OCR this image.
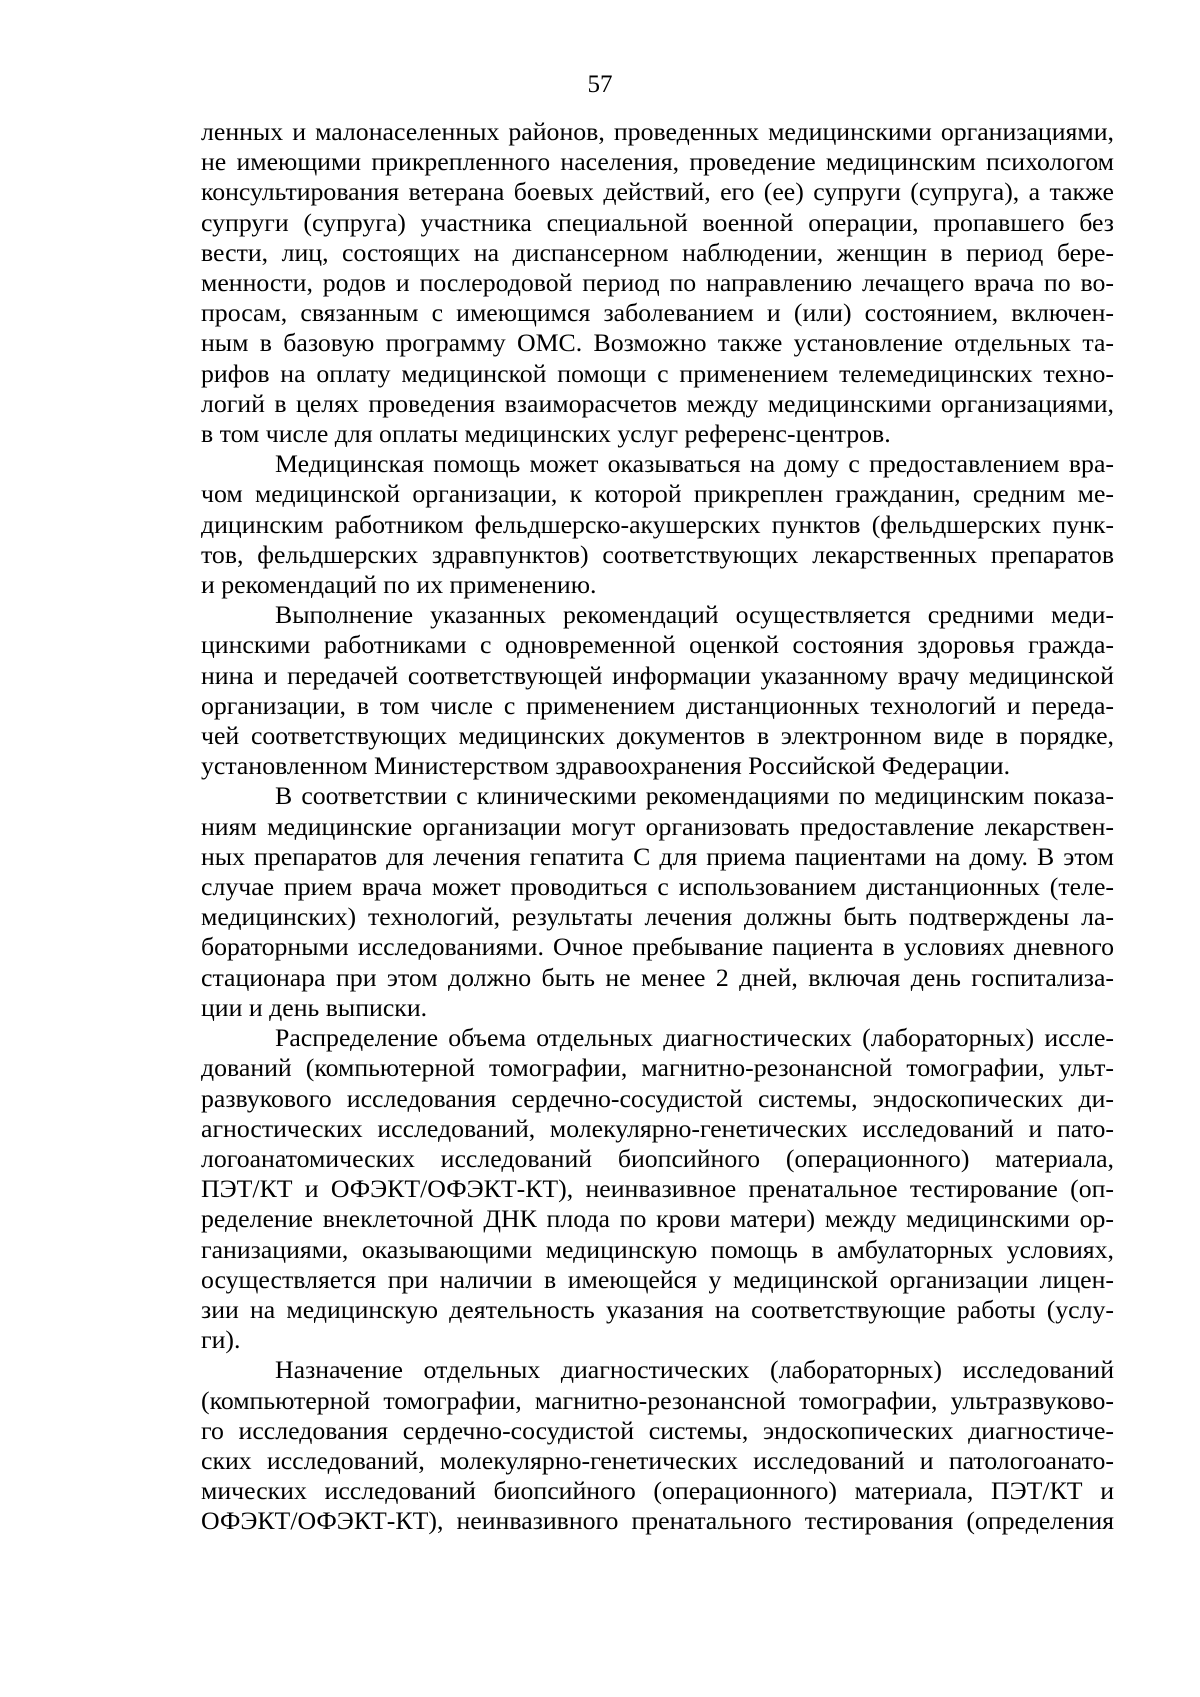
57
ленных и малонаселенных районов, проведенных медицинскими организациями,
не имеющими прикрепленного населения, проведение медицинским психологом
консультирования ветерана боевых действий, его (ее) супруги (супруга), а также
супруги (супруга) участника специальной военной операции, пропавшего без
вести, лиц, состоящих на диспансерном наблюдении, женщин в период бере-
менности, родов и послеродовой период по направлению лечащего врача по во-
просам, связанным с имеющимся заболеванием и (или) состоянием, включен-
ным в базовую программу ОМС. Возможно также установление отдельных та-
рифов на оплату медицинской помощи с применением телемедицинских техно-
логий в целях проведения взаиморасчетов между медицинскими организациями,
в том числе для оплаты медицинских услуг референс-центров.
Медицинская помощь может оказываться на дому с предоставлением вра-
чом медицинской организации, к которой прикреплен гражданин, средним ме-
дицинским работником фельдшерско-акушерских пунктов (фельдшерских пунк-
тов, фельдшерских здравпунктов) соответствующих лекарственных препаратов
и рекомендаций по их применению.
Выполнение указанных рекомендаций осуществляется средними меди-
цинскими работниками с одновременной оценкой состояния здоровья гражда-
нина и передачей соответствующей информации указанному врачу медицинской
организации, в том числе с применением дистанционных технологий и переда-
чей соответствующих медицинских документов в электронном виде в порядке,
установленном Министерством здравоохранения Российской Федерации.
В соответствии с клиническими рекомендациями по медицинским показа-
ниям медицинские организации могут организовать предоставление лекарствен-
ных препаратов для лечения гепатита С для приема пациентами на дому. В этом
случае прием врача может проводиться с использованием дистанционных (теле-
медицинских) технологий, результаты лечения должны быть подтверждены ла-
бораторными исследованиями. Очное пребывание пациента в условиях дневного
стационара при этом должно быть не менее 2 дней, включая день госпитализа-
ции и день выписки.
Распределение объема отдельных диагностических (лабораторных) иссле-
дований (компьютерной томографии, магнитно-резонансной томографии, ульт-
развукового исследования сердечно-сосудистой системы, эндоскопических ди-
агностических исследований, молекулярно-генетических исследований и пато-
логоанатомических исследований биопсийного (операционного) материала,
ПЭТ/КТ и ОФЭКТ/ОФЭКТ-КТ), неинвазивное пренатальное тестирование (оп-
ределение внеклеточной ДНК плода по крови матери) между медицинскими ор-
ганизациями, оказывающими медицинскую помощь в амбулаторных условиях,
осуществляется при наличии в имеющейся у медицинской организации лицен-
зии на медицинскую деятельность указания на соответствующие работы (услу-
ги).
Назначение отдельных диагностических (лабораторных) исследований
(компьютерной томографии, магнитно-резонансной томографии, ультразвуково-
го исследования сердечно-сосудистой системы, эндоскопических диагностиче-
ских исследований, молекулярно-генетических исследований и патологоанато-
мических исследований биопсийного (операционного) материала, ПЭТ/КТ и
ОФЭКТ/ОФЭКТ-КТ), неинвазивного пренатального тестирования (определения
